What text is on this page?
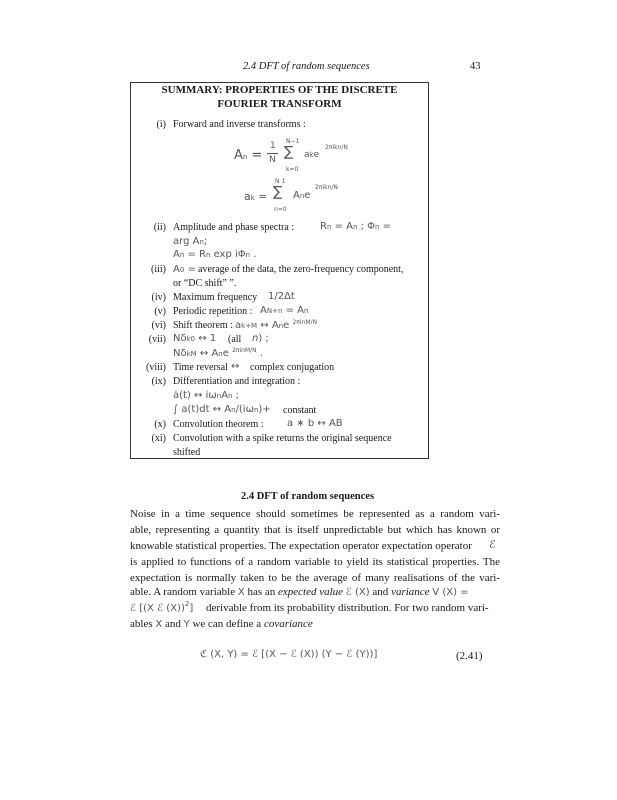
2.4 DFT of random sequences	43
SUMMARY: PROPERTIES OF THE DISCRETE
FOURIER TRANSFORM
(i) Forward and inverse transforms :
An =
1
N
N−1
∑
k=0
ake
2πikn/N
ak =
N 1
∑
n=0
Ane
2πikn/N
(ii) Amplitude and phase spectra :	Rn = An ; Φn =
arg An;
An = Rn exp iΦn .
(iii) A0 = average of the data, the zero-frequency component,
or “DC shift” ”.
(iv) Maximum frequency 1/2Δt
(v) Periodic repetition : AN+n = An
(vi) Shift theorem : ak+M ↔ Ane $^{2\pi inM/N}$
(vii) Nδk0 ↔ 1 (all n) ;
NδkM ↔ Ane $^{2\pi inM/N}$ .
(viii) Time reversal ↔ complex conjugation
(ix) Differentiation and integration :
ȧ(t) ↔ iωnAn ;
∫ a(t)dt ↔ An/(iωn)+ constant
(x) Convolution theorem : a ∗ b ↔ AB
(xi) Convolution with a spike returns the original sequence
shifted
2.4 DFT of random sequences
Noise in a time sequence should sometimes be represented as a random vari-
able, representing a quantity that is itself unpredictable but which has known or
knowable statistical properties. The expectation operator expectation operator	ℰ
is applied to functions of a random variable to yield its statistical properties. The
expectation is normally taken to be the average of many realisations of the vari-
able. A random variable X has an expected value ℰ (X) and variance V (X) =
ℰ [(X ℰ (X))$^2$] derivable from its probability distribution. For two random vari-
ables X and Y we can define a covariance
ℭ (X, Y) = ℰ [(X − ℰ (X)) (Y − ℰ (Y))]	(2.41)
